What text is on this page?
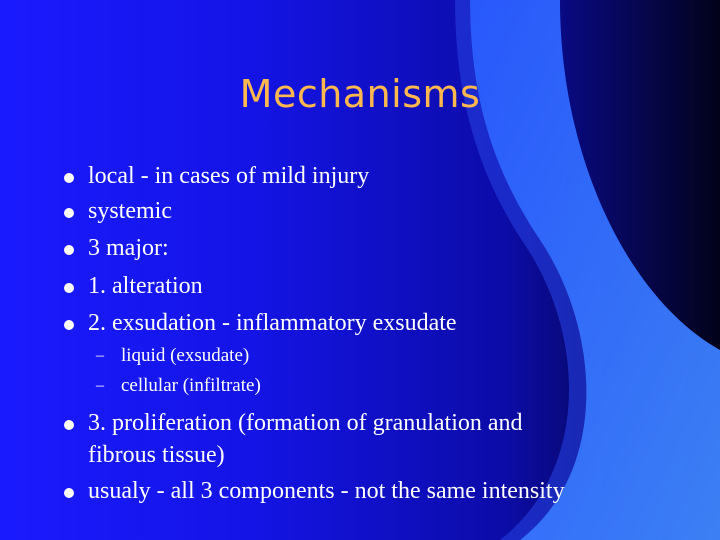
Mechanisms
local - in cases of mild injury
systemic
3 major:
1. alteration
2. exsudation - inflammatory exsudate
– liquid (exsudate)
– cellular (infiltrate)
3. proliferation (formation of granulation and
fibrous tissue)
usualy - all 3 components - not the same intensity
